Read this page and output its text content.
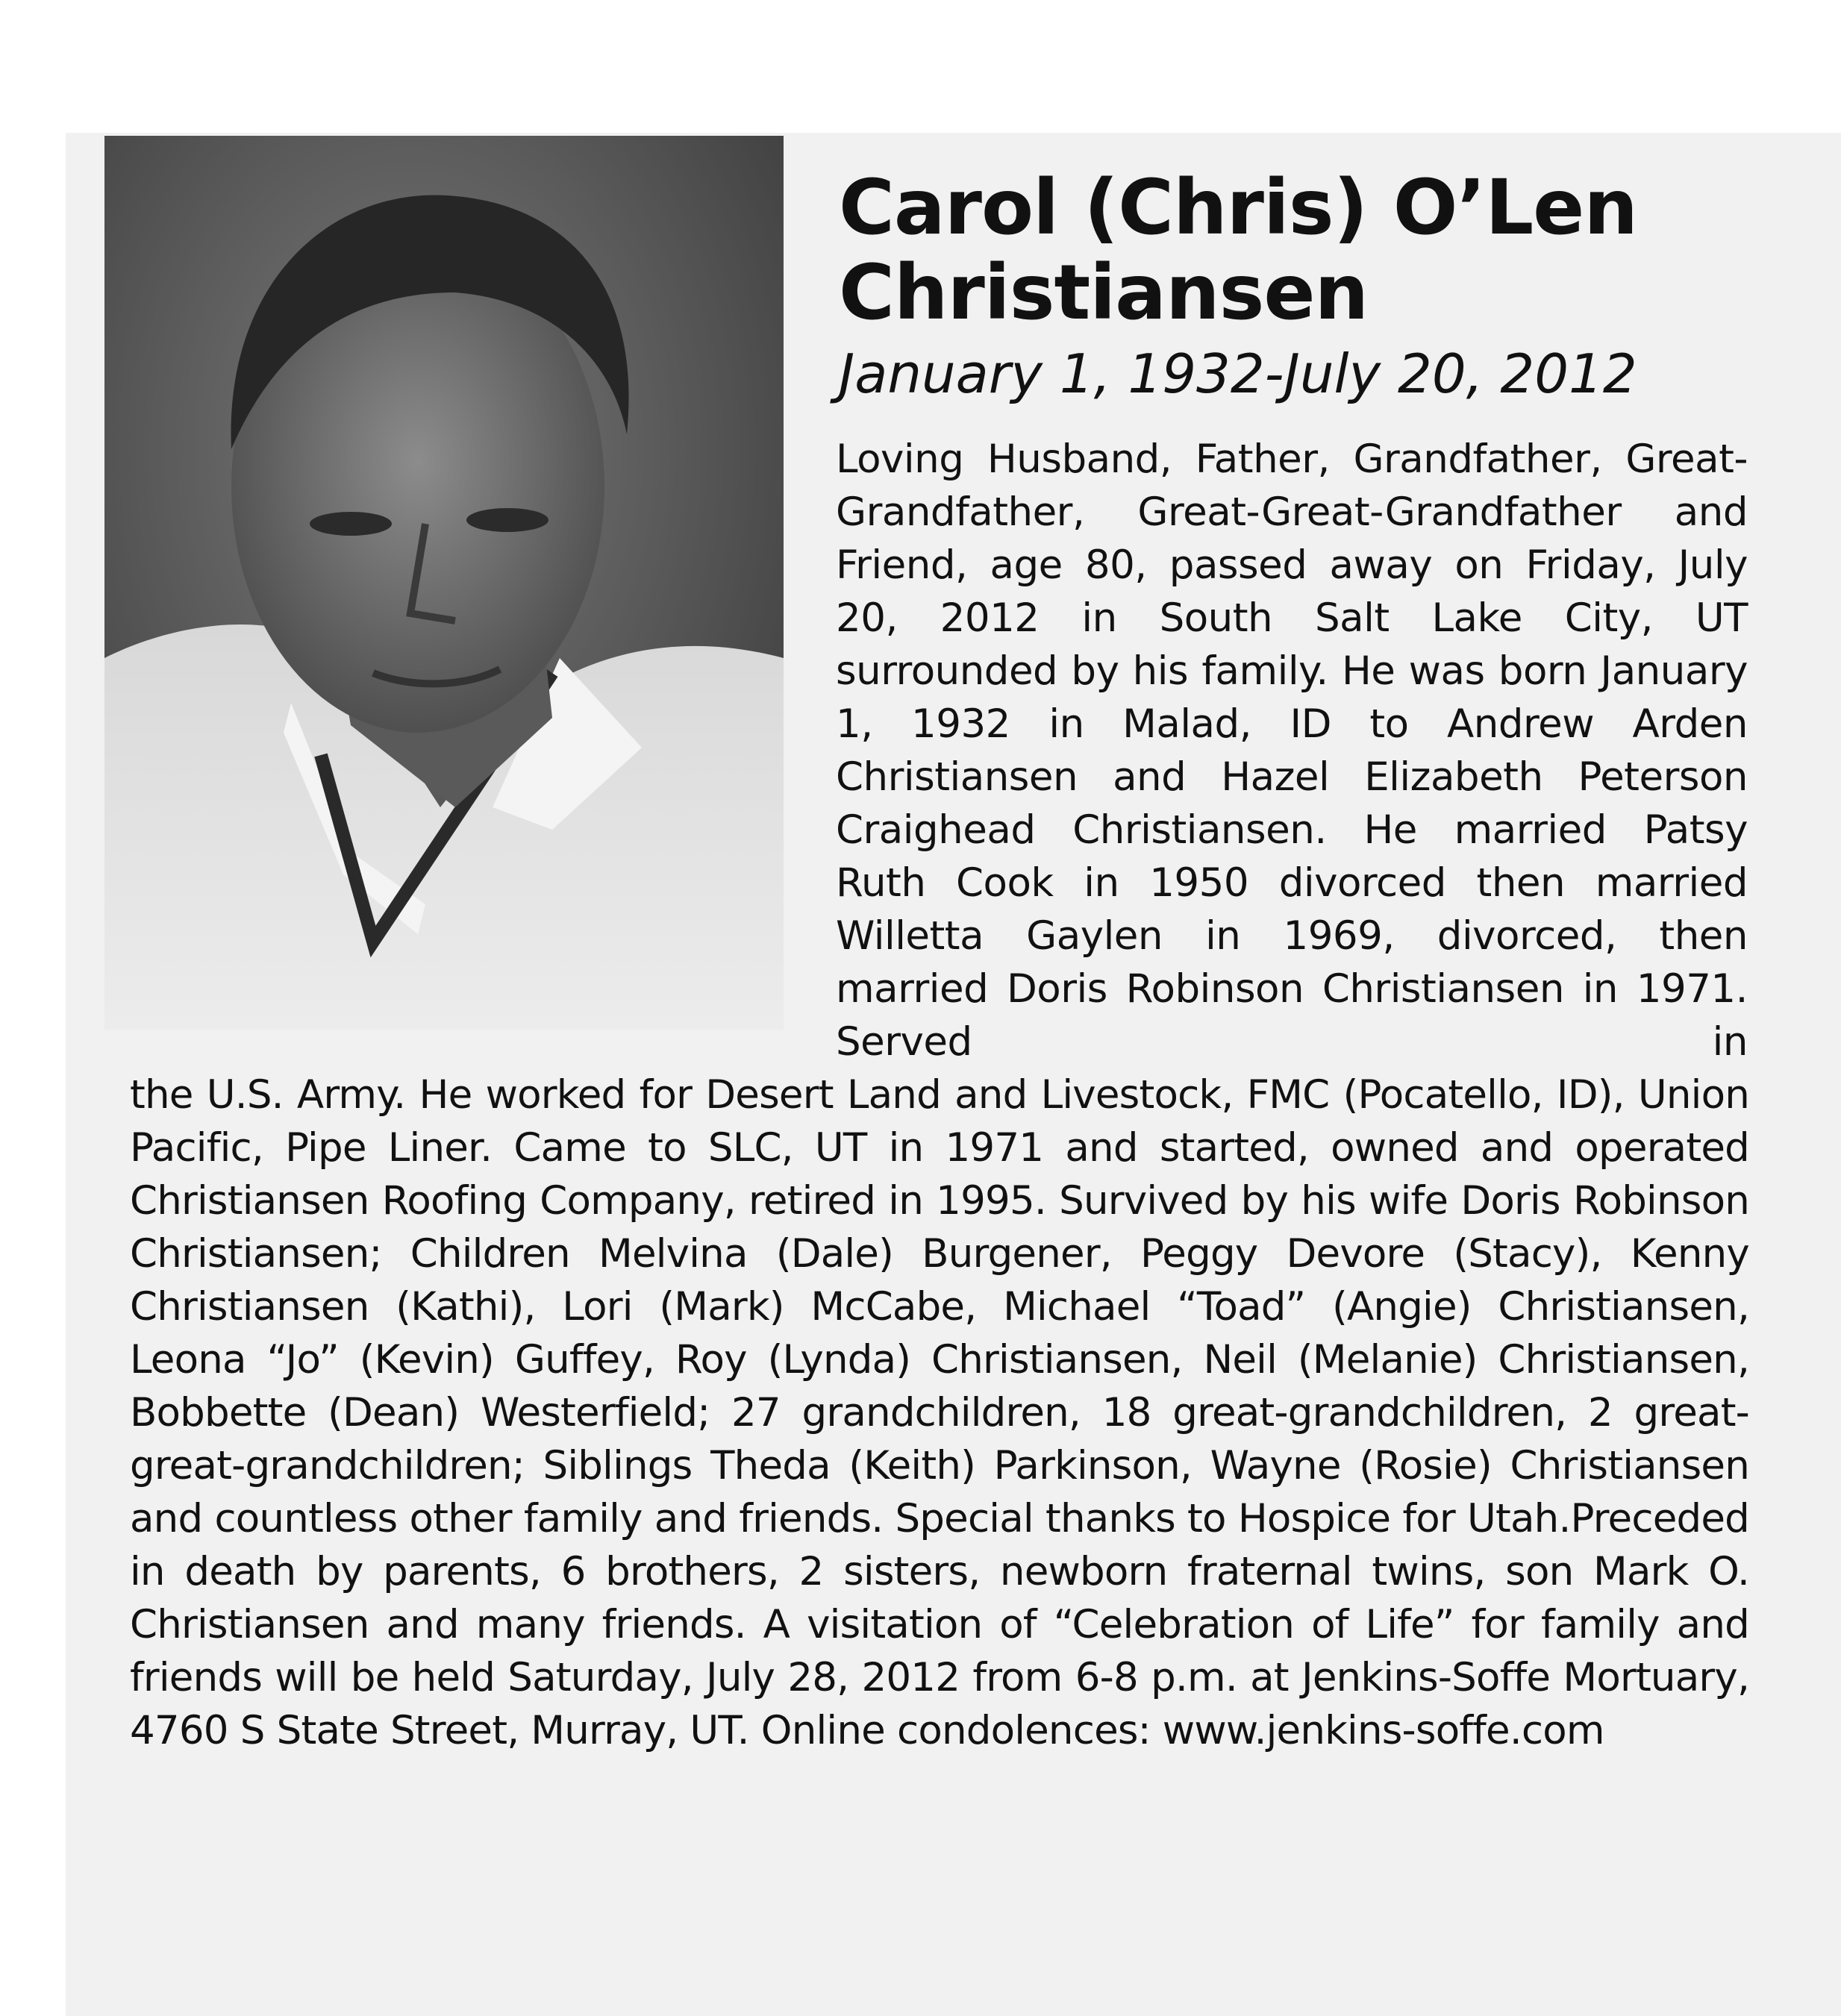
Carol (Chris) O’Len Christiansen

January 1, 1932-July 20, 2012

Loving Husband, Father, Grandfather, Great-Grandfather, Great-Great-Grandfather and Friend, age 80, passed away on Friday, July 20, 2012 in South Salt Lake City, UT surrounded by his family. He was born January 1, 1932 in Malad, ID to Andrew Arden Christiansen and Hazel Elizabeth Peterson Craighead Christiansen. He married Patsy Ruth Cook in 1950 divorced then married Willetta Gaylen in 1969, divorced, then married Doris Robinson Christiansen in 1971. Served in

the U.S. Army. He worked for Desert Land and Livestock, FMC (Pocatello, ID), Union Pacific, Pipe Liner. Came to SLC, UT in 1971 and started, owned and operated Christiansen Roofing Company, retired in 1995. Survived by his wife Doris Robinson Christiansen; Children Melvina (Dale) Burgener, Peggy Devore (Stacy), Kenny Christiansen (Kathi), Lori (Mark) McCabe, Michael “Toad” (Angie) Christiansen, Leona “Jo” (Kevin) Guffey, Roy (Lynda) Christiansen, Neil (Melanie) Christiansen, Bobbette (Dean) Westerfield; 27 grandchildren, 18 great-grandchildren, 2 great-great-grandchildren; Siblings Theda (Keith) Parkinson, Wayne (Rosie) Christiansen and countless other family and friends. Special thanks to Hospice for Utah.Preceded in death by parents, 6 brothers, 2 sisters, newborn fraternal twins, son Mark O. Christiansen and many friends. A visitation of “Celebration of Life” for family and friends will be held Saturday, July 28, 2012 from 6-8 p.m. at Jenkins-Soffe Mortuary, 4760 S State Street, Murray, UT. Online condolences: www.jenkins-soffe.com
